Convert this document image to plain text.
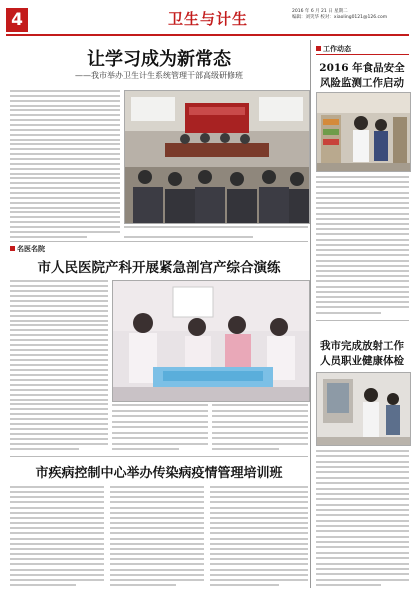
4	卫生与计生	2016 年 6 月 21 日 星期二
编辑：刘笑华 校对：xiaoling0121@126.com
让学习成为新常态
——我市举办卫生计生系统管理干部高级研修班
名医名院
市人民医院产科开展紧急剖宫产综合演练
市疾病控制中心举办传染病疫情管理培训班
工作动态
2016 年食品安全
风险监测工作启动
我市完成放射工作
人员职业健康体检
